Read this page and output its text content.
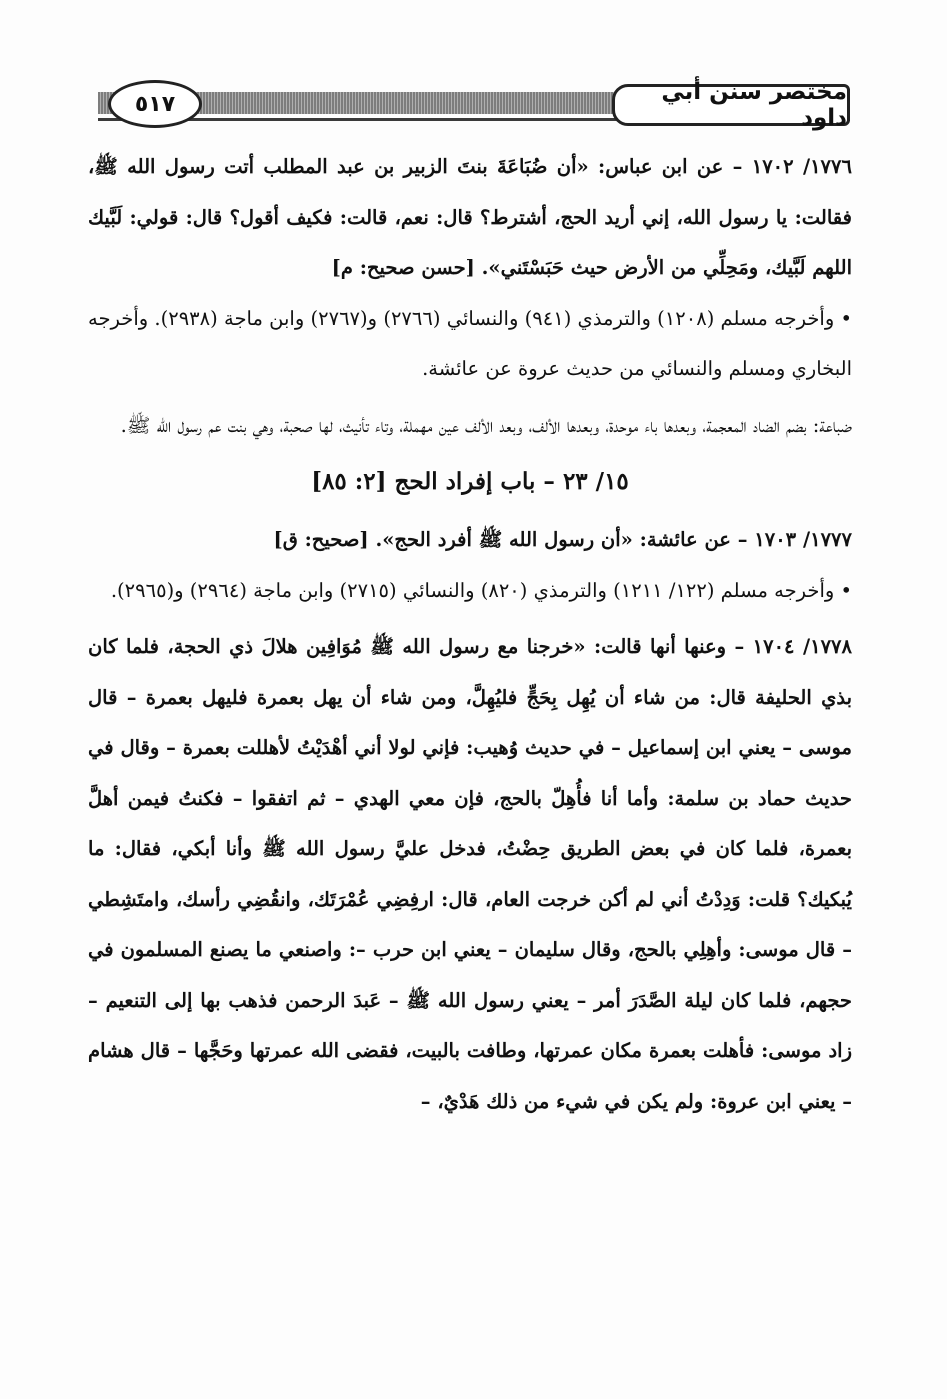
٥١٧	مختصر سنن أبي داود

١٧٧٦/ ١٧٠٢ – عن ابن عباس: «أن ضُبَاعَةَ بنتَ الزبير بن عبد المطلب أتت رسول الله ﷺ، فقالت: يا رسول الله، إني أريد الحج، أشترط؟ قال: نعم، قالت: فكيف أقول؟ قال: قولي: لَبَّيك اللهم لَبَّيك، ومَحِلِّي من الأرض حيث حَبَسْتَني». [حسن صحيح: م]

• وأخرجه مسلم (١٢٠٨) والترمذي (٩٤١) والنسائي (٢٧٦٦) و(٢٧٦٧) وابن ماجة (٢٩٣٨). وأخرجه البخاري ومسلم والنسائي من حديث عروة عن عائشة.

ضباعة: بضم الضاد المعجمة، وبعدها باء موحدة، وبعدها الألف، وبعد الألف عين مهملة، وتاء تأنيث، لها صحبة، وهي بنت عم رسول الله ﷺ.

١٥/ ٢٣ – باب إفراد الحج [٢: ٨٥]

١٧٧٧/ ١٧٠٣ – عن عائشة: «أن رسول الله ﷺ أفرد الحج». [صحيح: ق]

• وأخرجه مسلم (١٢٢/ ١٢١١) والترمذي (٨٢٠) والنسائي (٢٧١٥) وابن ماجة (٢٩٦٤) و(٢٩٦٥).

١٧٧٨/ ١٧٠٤ – وعنها أنها قالت: «خرجنا مع رسول الله ﷺ مُوَافِين هلالَ ذي الحجة، فلما كان بذي الحليفة قال: من شاء أن يُهِل بِحَجٍّ فليُهِلَّ، ومن شاء أن يهل بعمرة فليهل بعمرة – قال موسى – يعني ابن إسماعيل – في حديث وُهيب: فإني لولا أني أهْدَيْتُ لأهللت بعمرة – وقال في حديث حماد بن سلمة: وأما أنا فأُهِلّ بالحج، فإن معي الهدي – ثم اتفقوا – فكنتُ فيمن أهلَّ بعمرة، فلما كان في بعض الطريق حِضْتُ، فدخل عليَّ رسول الله ﷺ وأنا أبكي، فقال: ما يُبكيك؟ قلت: وَدِدْتُ أني لم أكن خرجت العام، قال: ارفِضِي عُمْرَتَك، وانقُضِي رأسك، وامتَشِطي – قال موسى: وأهِلِي بالحج، وقال سليمان – يعني ابن حرب –: واصنعي ما يصنع المسلمون في حجهم، فلما كان ليلة الصَّدَرَ أمر – يعني رسول الله ﷺ – عَبدَ الرحمن فذهب بها إلى التنعيم – زاد موسى: فأهلت بعمرة مكان عمرتها، وطافت بالبيت، فقضى الله عمرتها وحَجَّها – قال هشام – يعني ابن عروة: ولم يكن في شيء من ذلك هَدْيٌ، –
